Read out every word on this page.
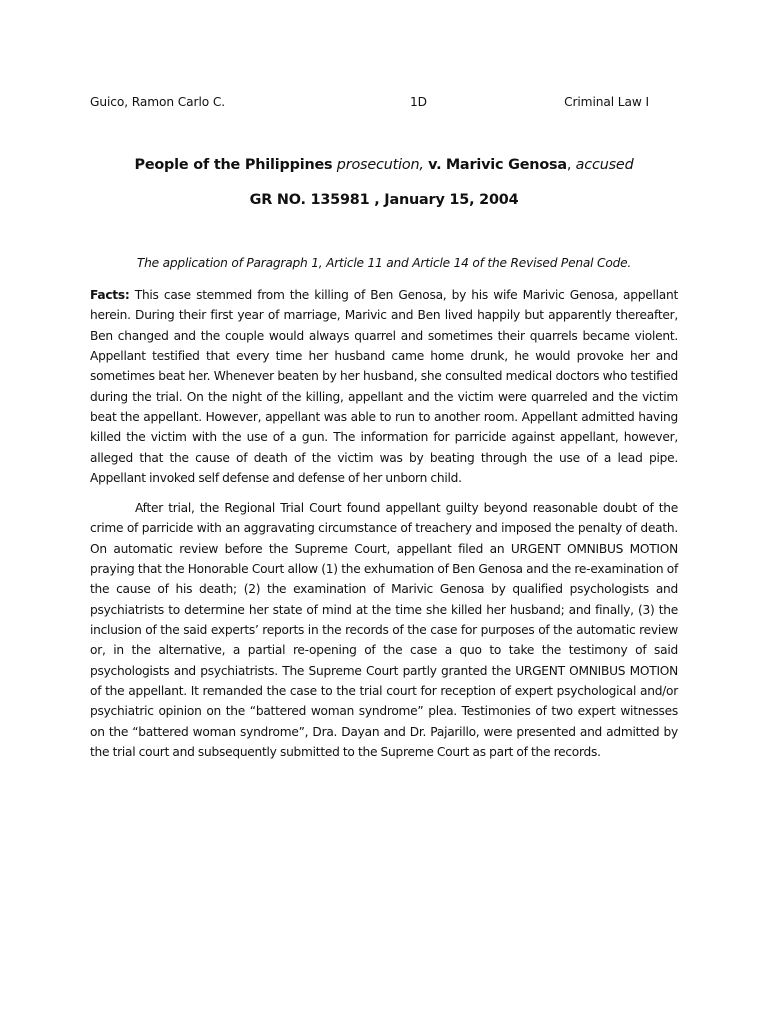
Guico, Ramon Carlo C.	1D	Criminal Law I
People of the Philippines prosecution, v. Marivic Genosa, accused
GR NO. 135981 , January 15, 2004
The application of Paragraph 1, Article 11 and Article 14 of the Revised Penal Code.

Facts: This case stemmed from the killing of Ben Genosa, by his wife Marivic Genosa, appellant herein. During their first year of marriage, Marivic and Ben lived happily but apparently thereafter, Ben changed and the couple would always quarrel and sometimes their quarrels became violent. Appellant testified that every time her husband came home drunk, he would provoke her and sometimes beat her. Whenever beaten by her husband, she consulted medical doctors who testified during the trial. On the night of the killing, appellant and the victim were quarreled and the victim beat the appellant. However, appellant was able to run to another room. Appellant admitted having killed the victim with the use of a gun. The information for parricide against appellant, however, alleged that the cause of death of the victim was by beating through the use of a lead pipe. Appellant invoked self defense and defense of her unborn child.

After trial, the Regional Trial Court found appellant guilty beyond reasonable doubt of the crime of parricide with an aggravating circumstance of treachery and imposed the penalty of death. On automatic review before the Supreme Court, appellant filed an URGENT OMNIBUS MOTION praying that the Honorable Court allow (1) the exhumation of Ben Genosa and the re-examination of the cause of his death; (2) the examination of Marivic Genosa by qualified psychologists and psychiatrists to determine her state of mind at the time she killed her husband; and finally, (3) the inclusion of the said experts’ reports in the records of the case for purposes of the automatic review or, in the alternative, a partial re-opening of the case a quo to take the testimony of said psychologists and psychiatrists. The Supreme Court partly granted the URGENT OMNIBUS MOTION of the appellant. It remanded the case to the trial court for reception of expert psychological and/or psychiatric opinion on the “battered woman syndrome” plea. Testimonies of two expert witnesses on the “battered woman syndrome”, Dra. Dayan and Dr. Pajarillo, were presented and admitted by the trial court and subsequently submitted to the Supreme Court as part of the records.
